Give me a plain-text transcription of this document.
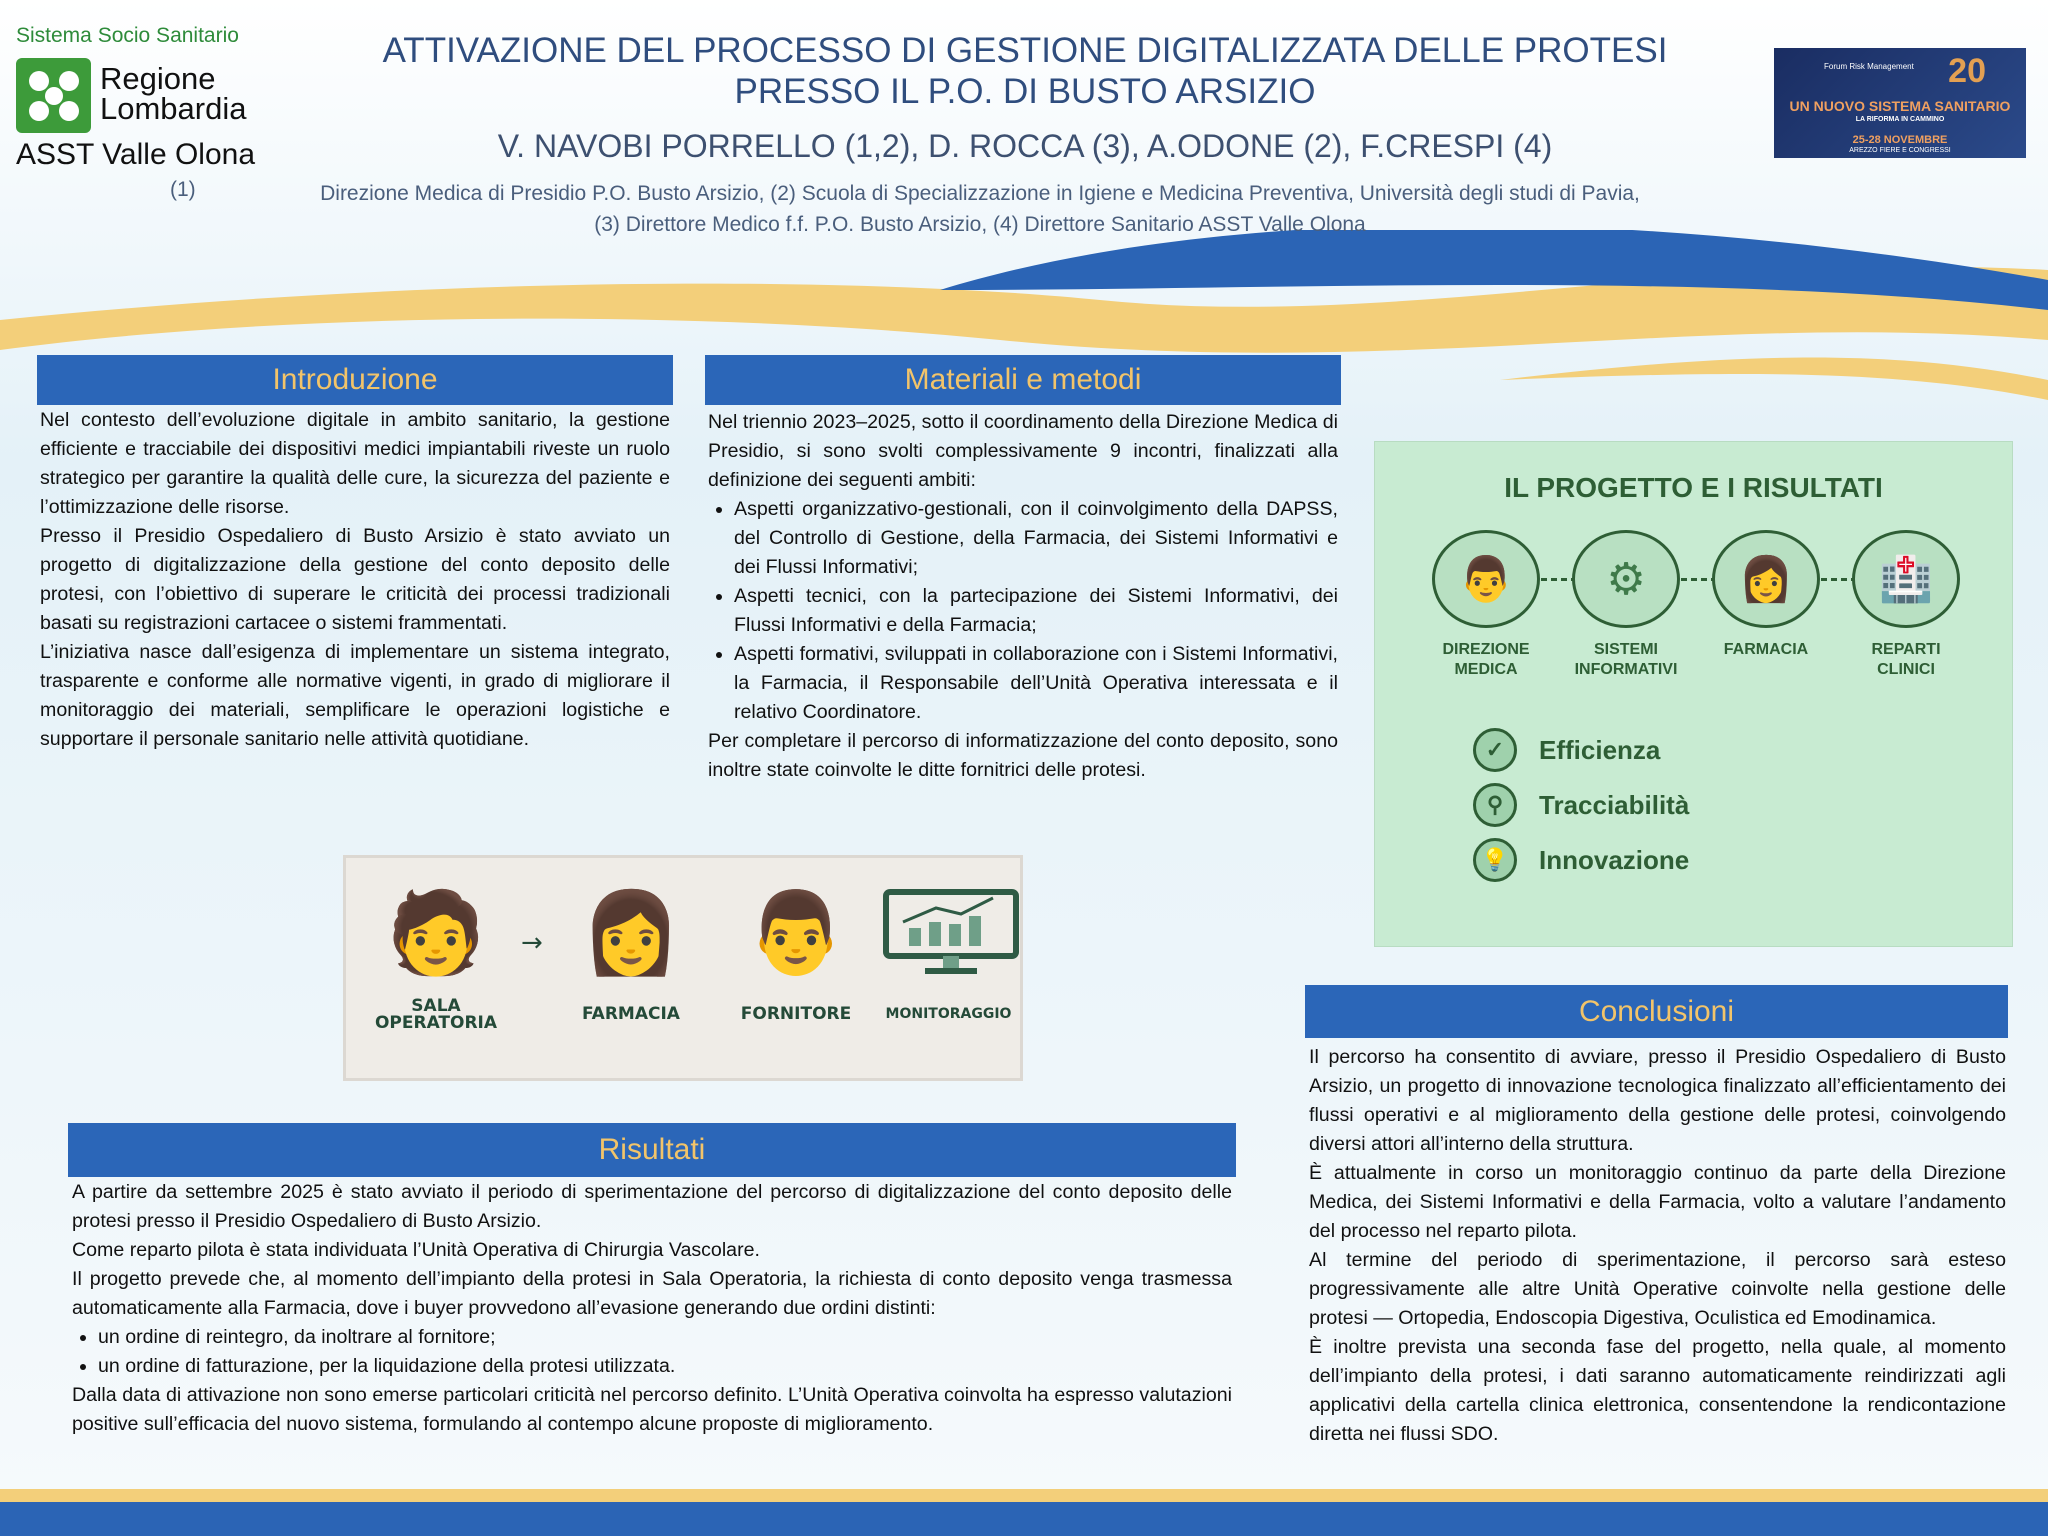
Sistema Socio Sanitario
Regione
Lombardia
ASST Valle Olona
ATTIVAZIONE DEL PROCESSO DI GESTIONE DIGITALIZZATA DELLE PROTESI
PRESSO IL P.O. DI BUSTO ARSIZIO
V. NAVOBI PORRELLO (1,2), D. ROCCA (3), A.ODONE (2), F.CRESPI (4)
(1)	Direzione Medica di Presidio P.O. Busto Arsizio, (2) Scuola di Specializzazione in Igiene e Medicina Preventiva, Università degli studi di Pavia,
(3) Direttore Medico f.f. P.O. Busto Arsizio, (4) Direttore Sanitario ASST Valle Olona
Forum Risk Management 20
UN NUOVO SISTEMA SANITARIO
LA RIFORMA IN CAMMINO
25-28 NOVEMBRE
AREZZO FIERE E CONGRESSI
Introduzione

Nel contesto dell’evoluzione digitale in ambito sanitario, la gestione efficiente e tracciabile dei dispositivi medici impiantabili riveste un ruolo strategico per garantire la qualità delle cure, la sicurezza del paziente e l’ottimizzazione delle risorse.

Presso il Presidio Ospedaliero di Busto Arsizio è stato avviato un progetto di digitalizzazione della gestione del conto deposito delle protesi, con l’obiettivo di superare le criticità dei processi tradizionali basati su registrazioni cartacee o sistemi frammentati.

L’iniziativa nasce dall’esigenza di implementare un sistema integrato, trasparente e conforme alle normative vigenti, in grado di migliorare il monitoraggio dei materiali, semplificare le operazioni logistiche e supportare il personale sanitario nelle attività quotidiane.

Materiali e metodi

Nel triennio 2023–2025, sotto il coordinamento della Direzione Medica di Presidio, si sono svolti complessivamente 9 incontri, finalizzati alla definizione dei seguenti ambiti:

• Aspetti organizzativo-gestionali, con il coinvolgimento della DAPSS, del Controllo di Gestione, della Farmacia, dei Sistemi Informativi e dei Flussi Informativi;
• Aspetti tecnici, con la partecipazione dei Sistemi Informativi, dei Flussi Informativi e della Farmacia;
• Aspetti formativi, sviluppati in collaborazione con i Sistemi Informativi, la Farmacia, il Responsabile dell’Unità Operativa interessata e il relativo Coordinatore.

Per completare il percorso di informatizzazione del conto deposito, sono inoltre state coinvolte le ditte fornitrici delle protesi.

IL PROGETTO E I RISULTATI
👨
DIREZIONE
MEDICA
⚙
SISTEMI
INFORMATIVI
👩
FARMACIA
🏥
REPARTI
CLINICI
✓	Efficienza
⚲	Tracciabilità
💡	Innovazione
🧑
SALA
OPERATORIA
→ 👩
FARMACIA
👨
FORNITORE	MONITORAGGIO
Risultati

A partire da settembre 2025 è stato avviato il periodo di sperimentazione del percorso di digitalizzazione del conto deposito delle protesi presso il Presidio Ospedaliero di Busto Arsizio.

Come reparto pilota è stata individuata l’Unità Operativa di Chirurgia Vascolare.

Il progetto prevede che, al momento dell’impianto della protesi in Sala Operatoria, la richiesta di conto deposito venga trasmessa automaticamente alla Farmacia, dove i buyer provvedono all’evasione generando due ordini distinti:

• un ordine di reintegro, da inoltrare al fornitore;
• un ordine di fatturazione, per la liquidazione della protesi utilizzata.

Dalla data di attivazione non sono emerse particolari criticità nel percorso definito. L’Unità Operativa coinvolta ha espresso valutazioni positive sull’efficacia del nuovo sistema, formulando al contempo alcune proposte di miglioramento.

Conclusioni

Il percorso ha consentito di avviare, presso il Presidio Ospedaliero di Busto Arsizio, un progetto di innovazione tecnologica finalizzato all’efficientamento dei flussi operativi e al miglioramento della gestione delle protesi, coinvolgendo diversi attori all’interno della struttura.

È attualmente in corso un monitoraggio continuo da parte della Direzione Medica, dei Sistemi Informativi e della Farmacia, volto a valutare l’andamento del processo nel reparto pilota.

Al termine del periodo di sperimentazione, il percorso sarà esteso progressivamente alle altre Unità Operative coinvolte nella gestione delle protesi — Ortopedia, Endoscopia Digestiva, Oculistica ed Emodinamica.

È inoltre prevista una seconda fase del progetto, nella quale, al momento dell’impianto della protesi, i dati saranno automaticamente reindirizzati agli applicativi della cartella clinica elettronica, consentendone la rendicontazione diretta nei flussi SDO.
